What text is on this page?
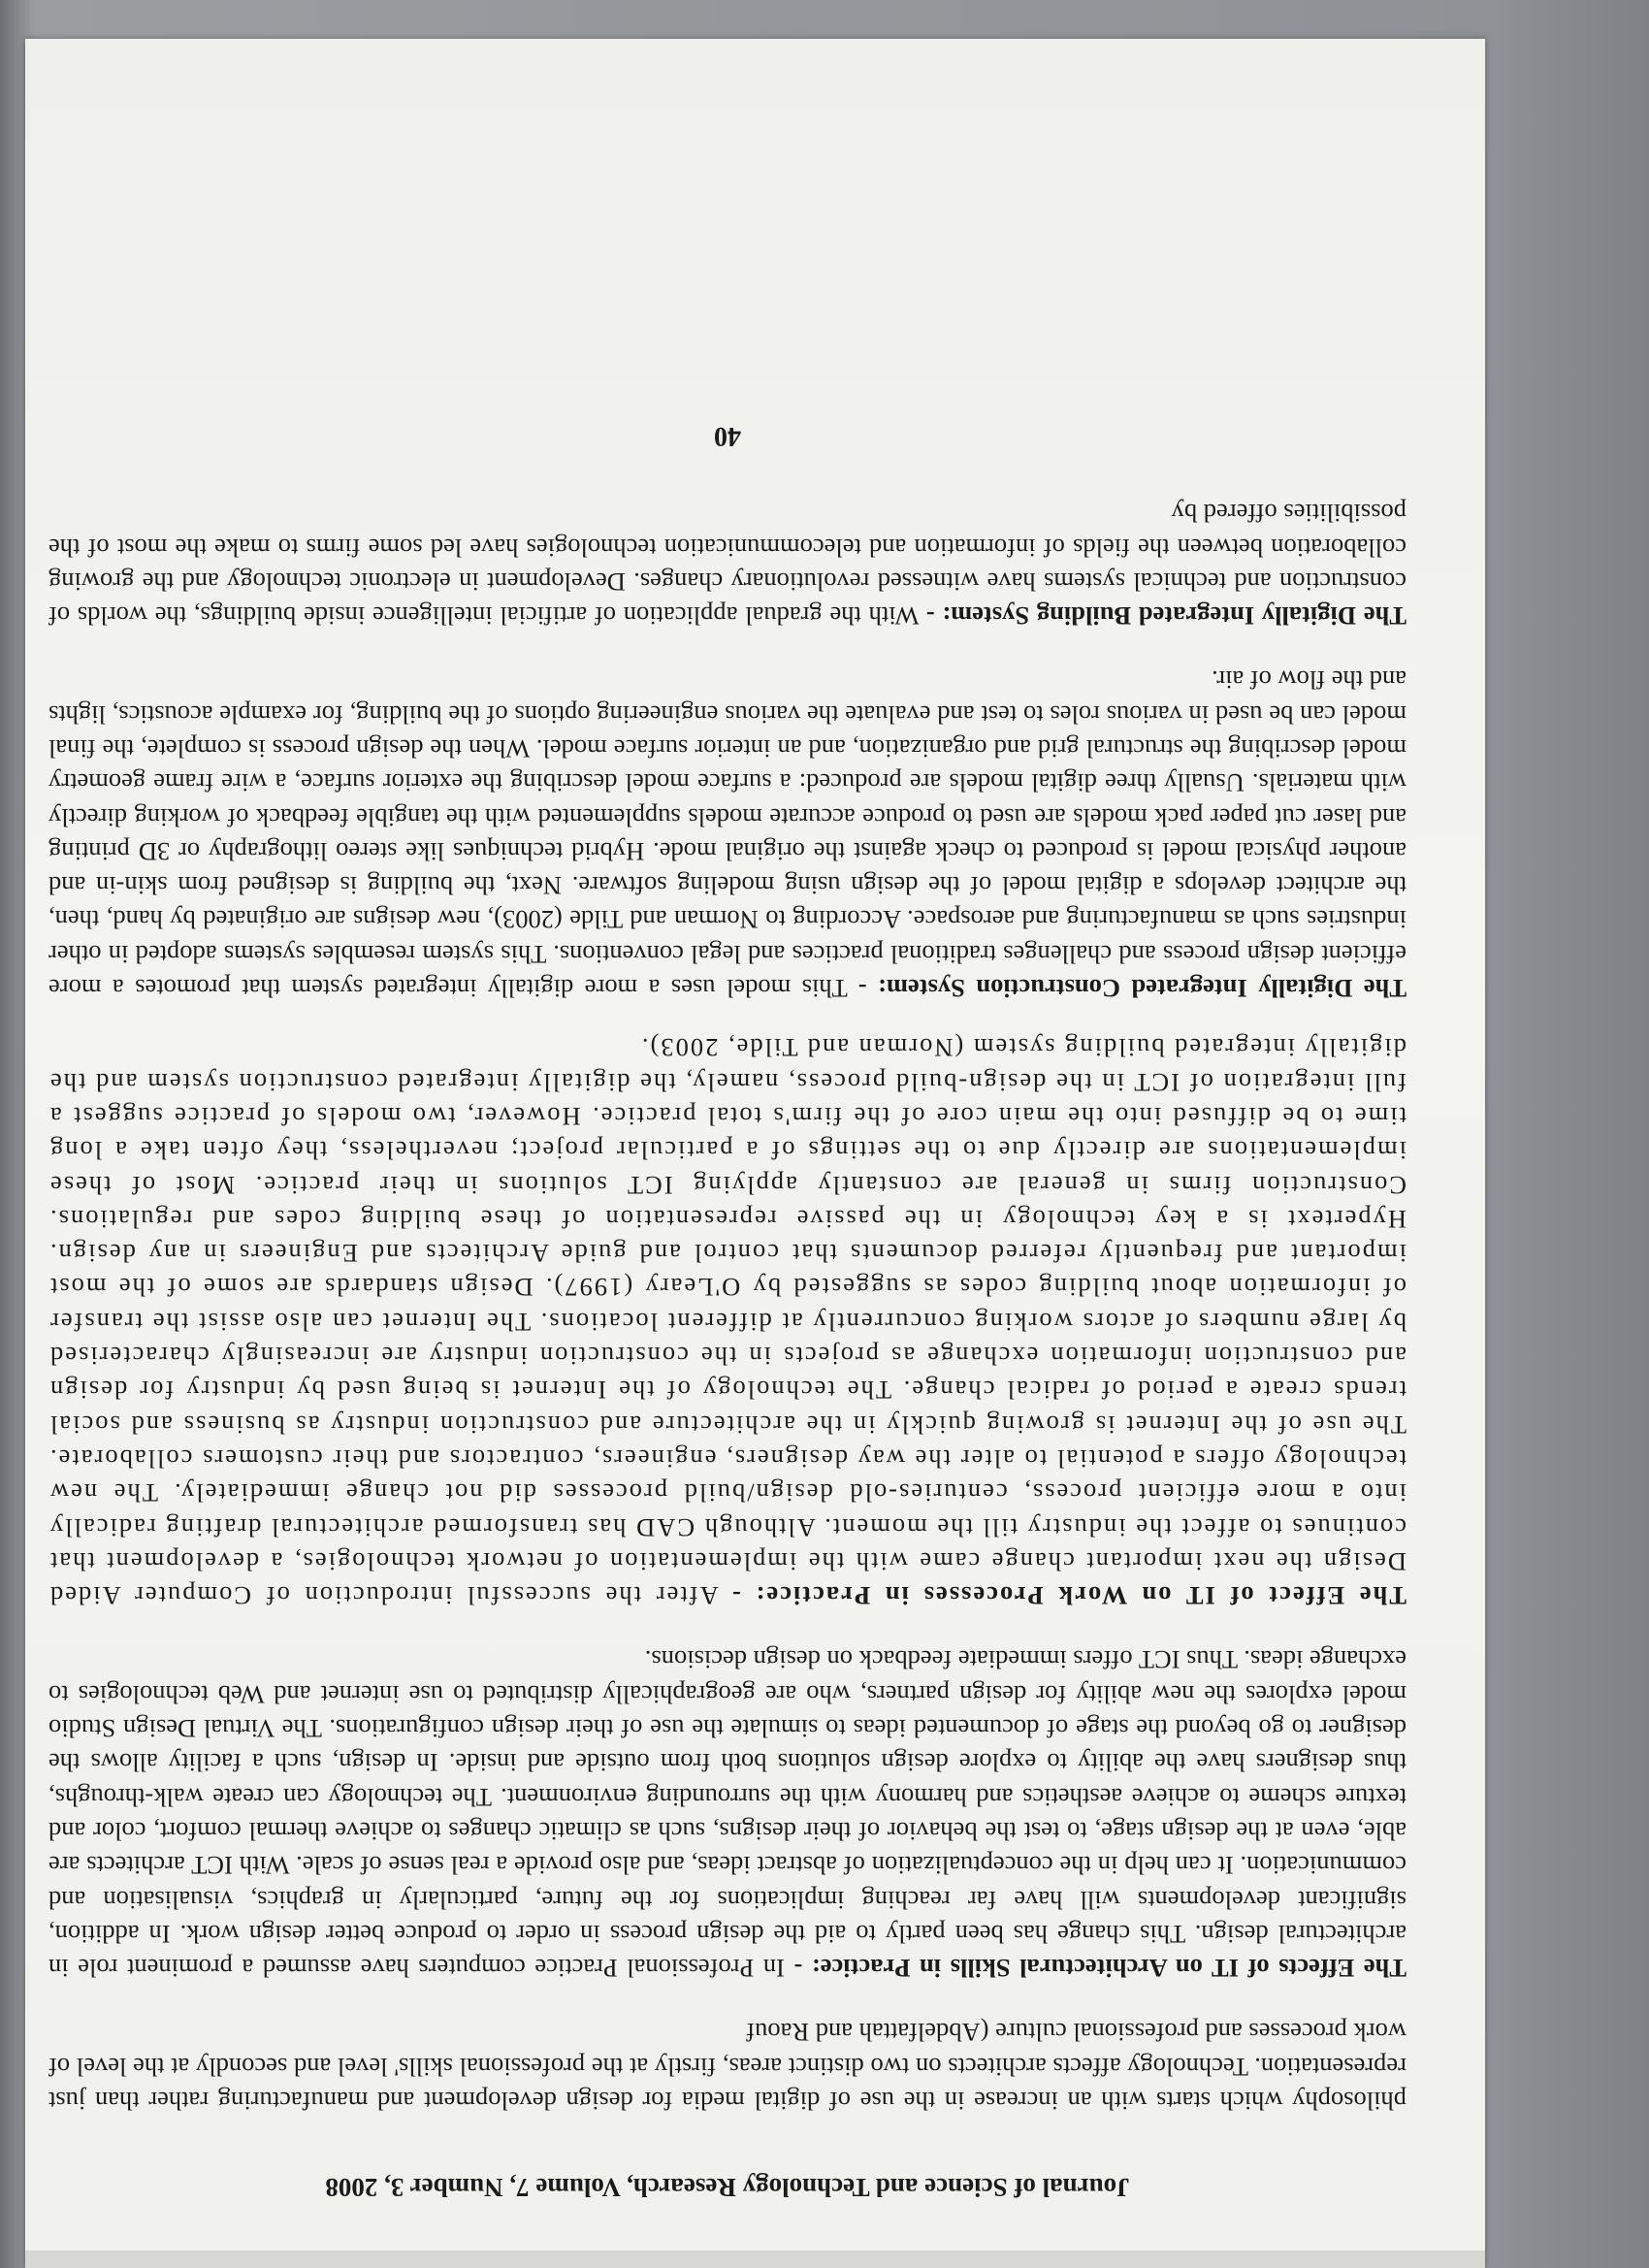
Journal of Science and Technology Research, Volume 7, Number 3, 2008

philosophy which starts with an increase in the use of digital media for design development and manufacturing rather than just representation. Technology affects architects on two distinct areas, firstly at the professional skills' level and secondly at the level of work processes and professional culture (Abdelfattah and Raouf

The Effects of IT on Architectural Skills in Practice: - In Professional Practice computers have assumed a prominent role in architectural design. This change has been partly to aid the design process in order to produce better design work. In addition, significant developments will have far reaching implications for the future, particularly in graphics, visualisation and communication. It can help in the conceptualization of abstract ideas, and also provide a real sense of scale. With ICT architects are able, even at the design stage, to test the behavior of their designs, such as climatic changes to achieve thermal comfort, color and texture scheme to achieve aesthetics and harmony with the surrounding environment. The technology can create walk-throughs, thus designers have the ability to explore design solutions both from outside and inside. In design, such a facility allows the designer to go beyond the stage of documented ideas to simulate the use of their design configurations. The Virtual Design Studio model explores the new ability for design partners, who are geographically distributed to use internet and Web technologies to exchange ideas. Thus ICT offers immediate feedback on design decisions.

The Effect of IT on Work Processes in Practice: - After the successful introduction of Computer Aided Design the next important change came with the implementation of network technologies, a development that continues to affect the industry till the moment. Although CAD has transformed architectural drafting radically into a more efficient process, centuries-old design/build processes did not change immediately. The new technology offers a potential to alter the way designers, engineers, contractors and their customers collaborate. The use of the Internet is growing quickly in the architecture and construction industry as business and social trends create a period of radical change. The technology of the Internet is being used by industry for design and construction information exchange as projects in the construction industry are increasingly characterised by large numbers of actors working concurrently at different locations. The Internet can also assist the transfer of information about building codes as suggested by O'Leary (1997). Design standards are some of the most important and frequently referred documents that control and guide Architects and Engineers in any design. Hypertext is a key technology in the passive representation of these building codes and regulations. Construction firms in general are constantly applying ICT solutions in their practice. Most of these implementations are directly due to the settings of a particular project; nevertheless, they often take a long time to be diffused into the main core of the firm's total practice. However, two models of practice suggest a full integration of ICT in the design-build process, namely, the digitally integrated construction system and the digitally integrated building system (Norman and Tilde, 2003).

The Digitally Integrated Construction System: - This model uses a more digitally integrated system that promotes a more efficient design process and challenges traditional practices and legal conventions. This system resembles systems adopted in other industries such as manufacturing and aerospace. According to Norman and Tilde (2003), new designs are originated by hand, then, the architect develops a digital model of the design using modeling software. Next, the building is designed from skin-in and another physical model is produced to check against the original mode. Hybrid techniques like stereo lithography or 3D printing and laser cut paper pack models are used to produce accurate models supplemented with the tangible feedback of working directly with materials. Usually three digital models are produced: a surface model describing the exterior surface, a wire frame geometry model describing the structural grid and organization, and an interior surface model. When the design process is complete, the final model can be used in various roles to test and evaluate the various engineering options of the building, for example acoustics, lights and the flow of air.

The Digitally Integrated Building System: - With the gradual application of artificial intelligence inside buildings, the worlds of construction and technical systems have witnessed revolutionary changes. Development in electronic technology and the growing collaboration between the fields of information and telecommunication technologies have led some firms to make the most of the possibilities offered by

40
